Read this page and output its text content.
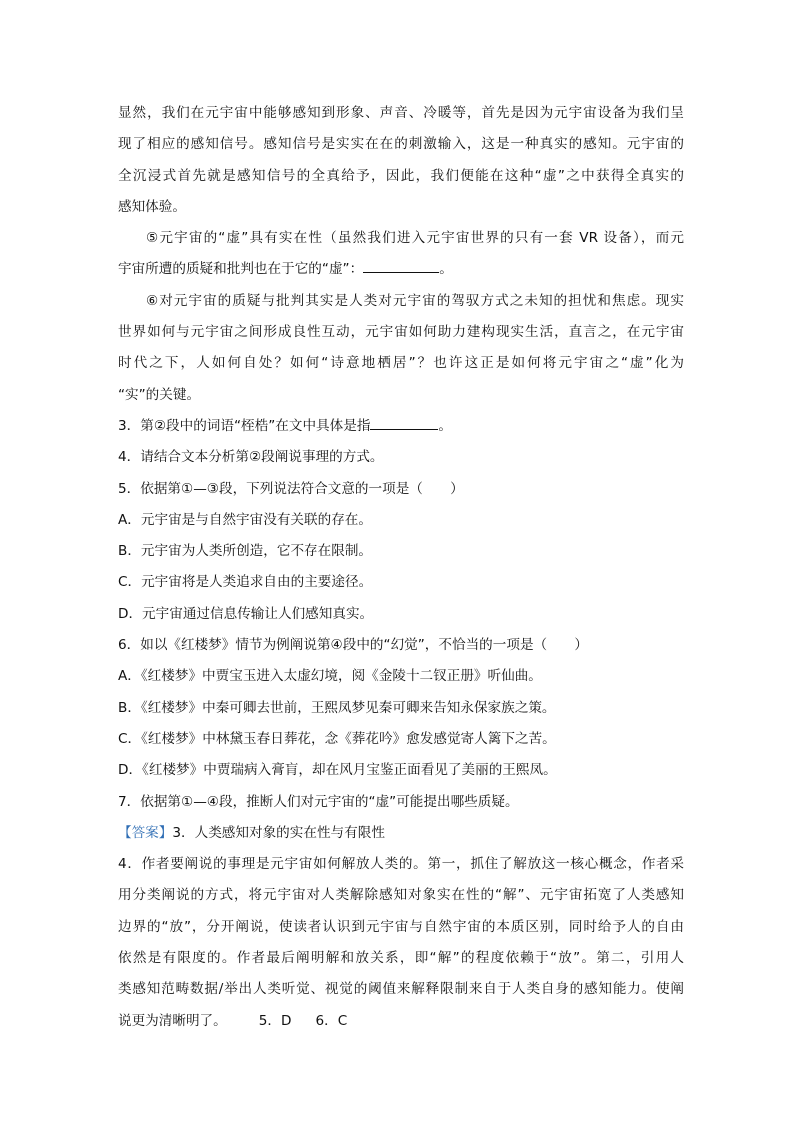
显然，我们在元宇宙中能够感知到形象、声音、冷暖等，首先是因为元宇宙设备为我们呈
现了相应的感知信号。感知信号是实实在在的刺激输入，这是一种真实的感知。元宇宙的
全沉浸式首先就是感知信号的全真给予，因此，我们便能在这种“虚”之中获得全真实的
感知体验。
⑤元宇宙的“虚”具有实在性（虽然我们进入元宇宙世界的只有一套 VR 设备），而元
宇宙所遭的质疑和批判也在于它的“虚”：	。
⑥对元宇宙的质疑与批判其实是人类对元宇宙的驾驭方式之未知的担忧和焦虑。现实
世界如何与元宇宙之间形成良性互动，元宇宙如何助力建构现实生活，直言之，在元宇宙
时代之下，人如何自处？如何“诗意地栖居”？也许这正是如何将元宇宙之“虚”化为
“实”的关键。
3．第②段中的词语“桎梏”在文中具体是指	。
4．请结合文本分析第②段阐说事理的方式。
5．依据第①—③段，下列说法符合文意的一项是（　　）
A．元宇宙是与自然宇宙没有关联的存在。
B．元宇宙为人类所创造，它不存在限制。
C．元宇宙将是人类追求自由的主要途径。
D．元宇宙通过信息传输让人们感知真实。
6．如以《红楼梦》情节为例阐说第④段中的“幻觉”，不恰当的一项是（　　）
A．《红楼梦》中贾宝玉进入太虚幻境，阅《金陵十二钗正册》听仙曲。
B．《红楼梦》中秦可卿去世前，王熙凤梦见秦可卿来告知永保家族之策。
C．《红楼梦》中林黛玉春日葬花，念《葬花吟》愈发感觉寄人篱下之苦。
D．《红楼梦》中贾瑞病入膏肓，却在风月宝鉴正面看见了美丽的王熙凤。
7．依据第①—④段，推断人们对元宇宙的“虚”可能提出哪些质疑。
【答案】3．人类感知对象的实在性与有限性
4．作者要阐说的事理是元宇宙如何解放人类的。第一，抓住了解放这一核心概念，作者采
用分类阐说的方式，将元宇宙对人类解除感知对象实在性的“解”、元宇宙拓宽了人类感知
边界的“放”，分开阐说，使读者认识到元宇宙与自然宇宙的本质区别，同时给予人的自由
依然是有限度的。作者最后阐明解和放关系，即“解”的程度依赖于“放”。第二，引用人
类感知范畴数据/举出人类听觉、视觉的阈值来解释限制来自于人类自身的感知能力。使阐
说更为清晰明了。 5．D 6．C
